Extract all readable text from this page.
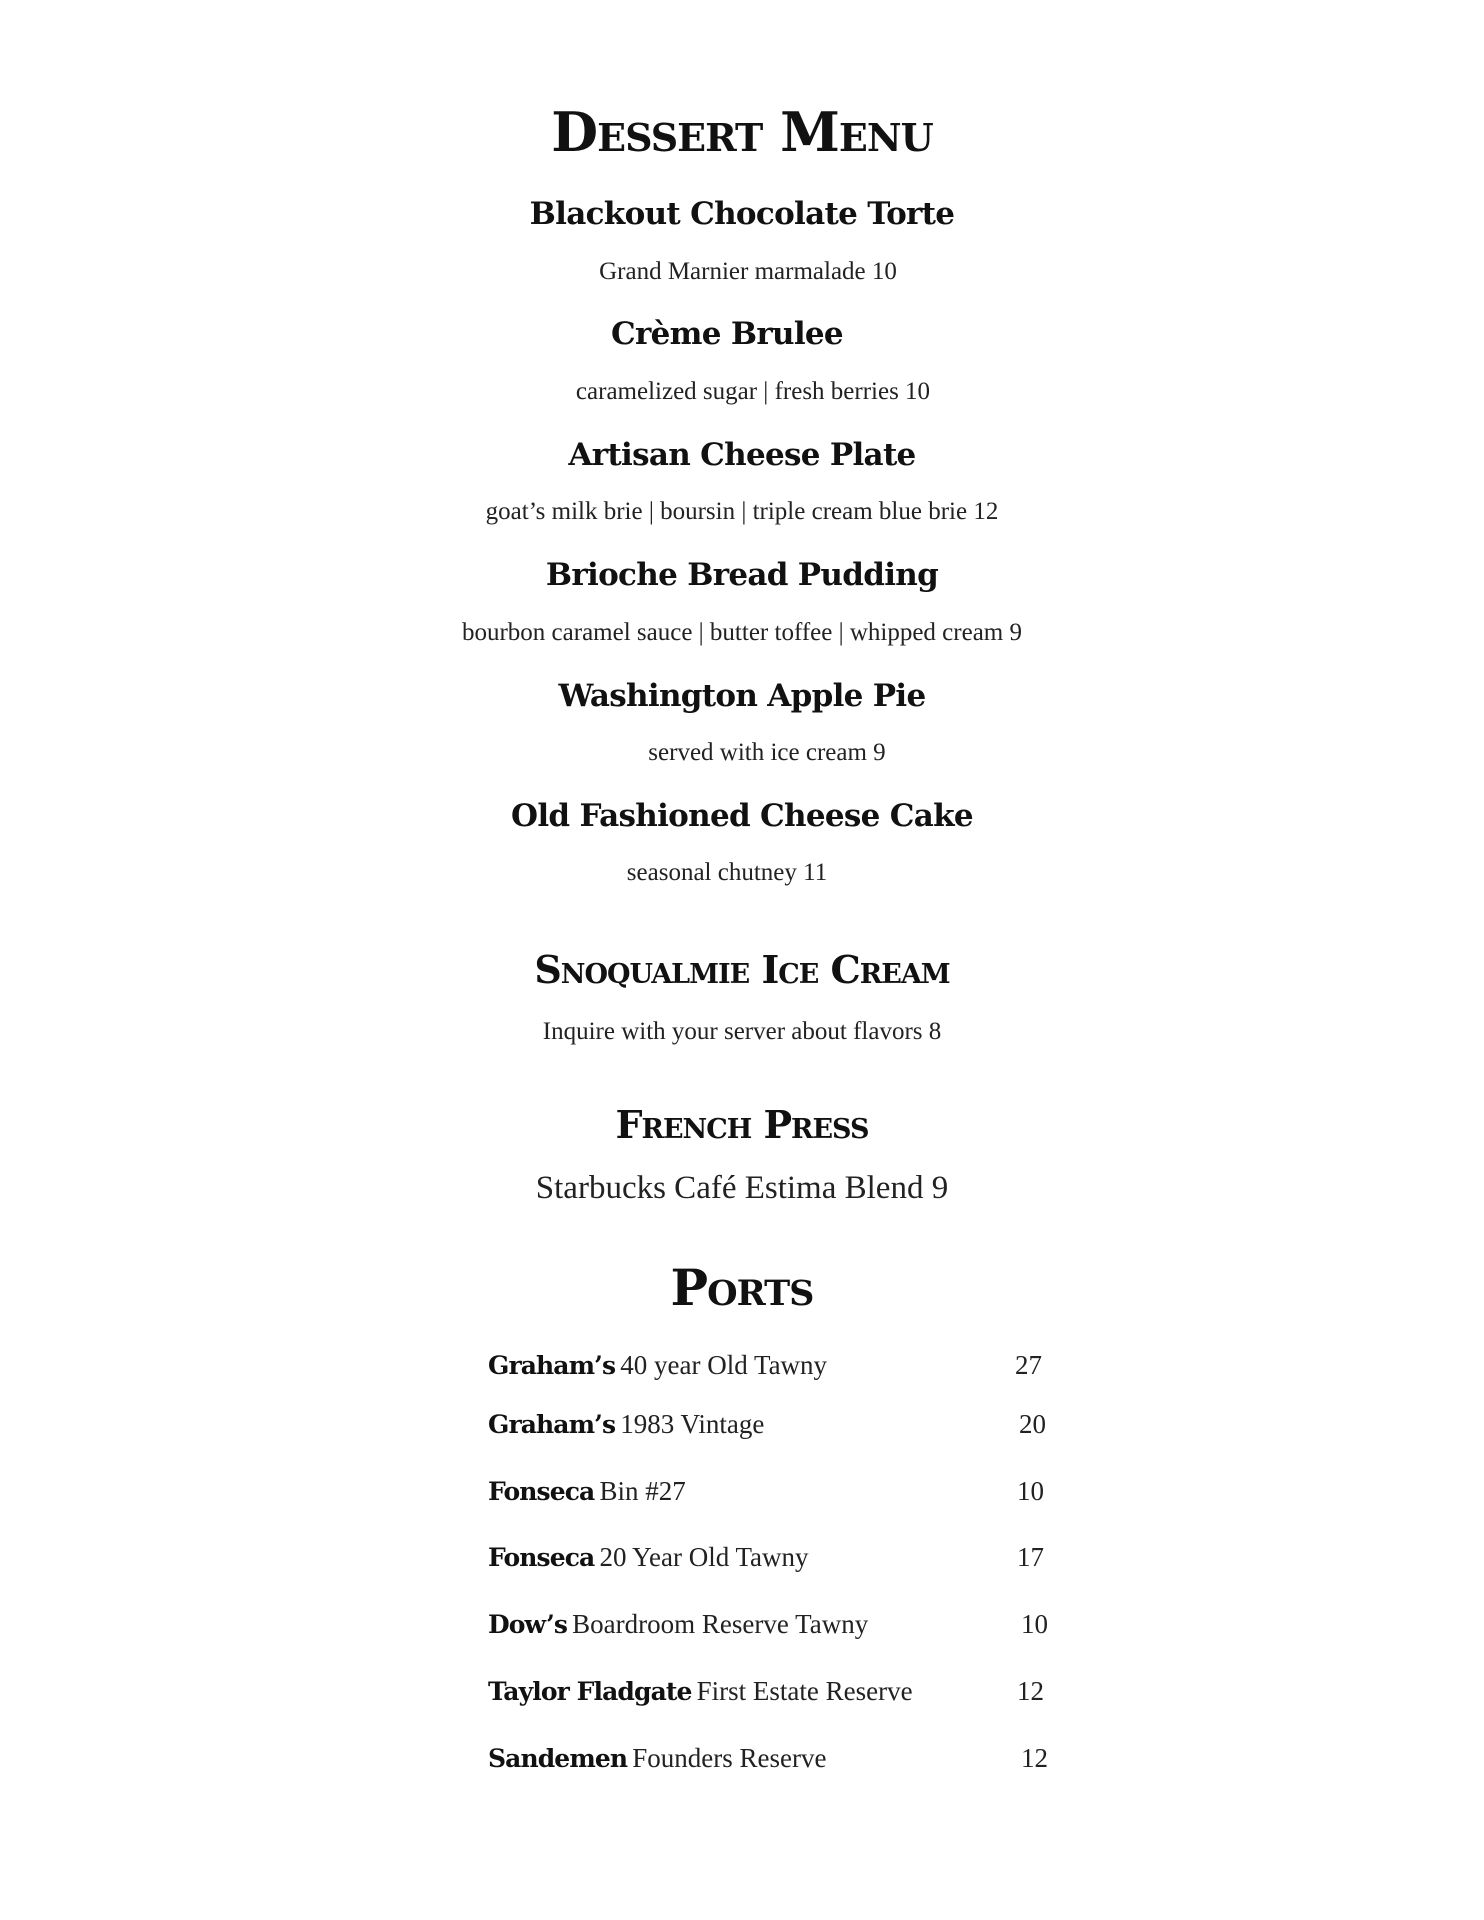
Dessert Menu
Blackout Chocolate Torte
Grand Marnier marmalade 10
Crème Brulee
caramelized sugar | fresh berries 10
Artisan Cheese Plate
goat’s milk brie | boursin | triple cream blue brie 12
Brioche Bread Pudding
bourbon caramel sauce | butter toffee | whipped cream 9
Washington Apple Pie
served with ice cream 9
Old Fashioned Cheese Cake
seasonal chutney 11
Snoqualmie Ice Cream
Inquire with your server about flavors 8
French Press
Starbucks Café Estima Blend 9
Ports
Graham’s 40 year Old Tawny	27
Graham’s 1983 Vintage	20
Fonseca Bin #27	10
Fonseca 20 Year Old Tawny	17
Dow’s Boardroom Reserve Tawny	10
Taylor Fladgate First Estate Reserve	12
Sandemen Founders Reserve	12
